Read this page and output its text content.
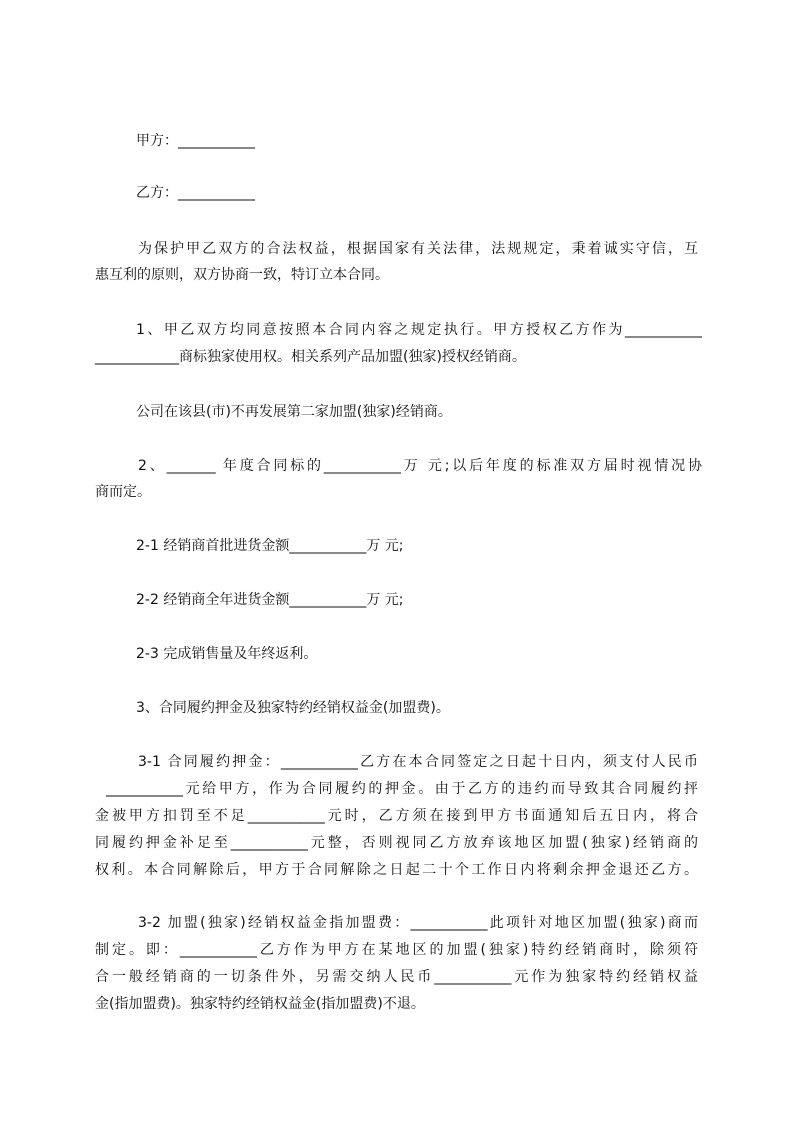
甲方：___________
乙方：___________
为保护甲乙双方的合法权益，根据国家有关法律，法规规定，秉着诚实守信，互
惠互利的原则，双方协商一致，特订立本合同。
1、甲乙双方均同意按照本合同内容之规定执行。甲方授权乙方作为___________
____________商标独家使用权。相关系列产品加盟(独家)授权经销商。
公司在该县(市)不再发展第二家加盟(独家)经销商。
2、_______ 年度合同标的___________万 元;以后年度的标准双方届时视情况协
商而定。
2-1 经销商首批进货金额___________万 元;
2-2 经销商全年进货金额___________万 元;
2-3 完成销售量及年终返利。
3、合同履约押金及独家特约经销权益金(加盟费)。
3-1 合同履约押金：___________乙方在本合同签定之日起十日内，须支付人民币
___________元给甲方，作为合同履约的押金。由于乙方的违约而导致其合同履约抨
金被甲方扣罚至不足___________元时，乙方须在接到甲方书面通知后五日内，将合
同履约押金补足至___________元整，否则视同乙方放弃该地区加盟(独家)经销商的
权利。本合同解除后，甲方于合同解除之日起二十个工作日内将剩余押金退还乙方。
3-2 加盟(独家)经销权益金指加盟费：___________此项针对地区加盟(独家)商而
制定。即：___________乙方作为甲方在某地区的加盟(独家)特约经销商时，除须符
合一般经销商的一切条件外，另需交纳人民币___________元作为独家特约经销权益
金(指加盟费)。独家特约经销权益金(指加盟费)不退。
